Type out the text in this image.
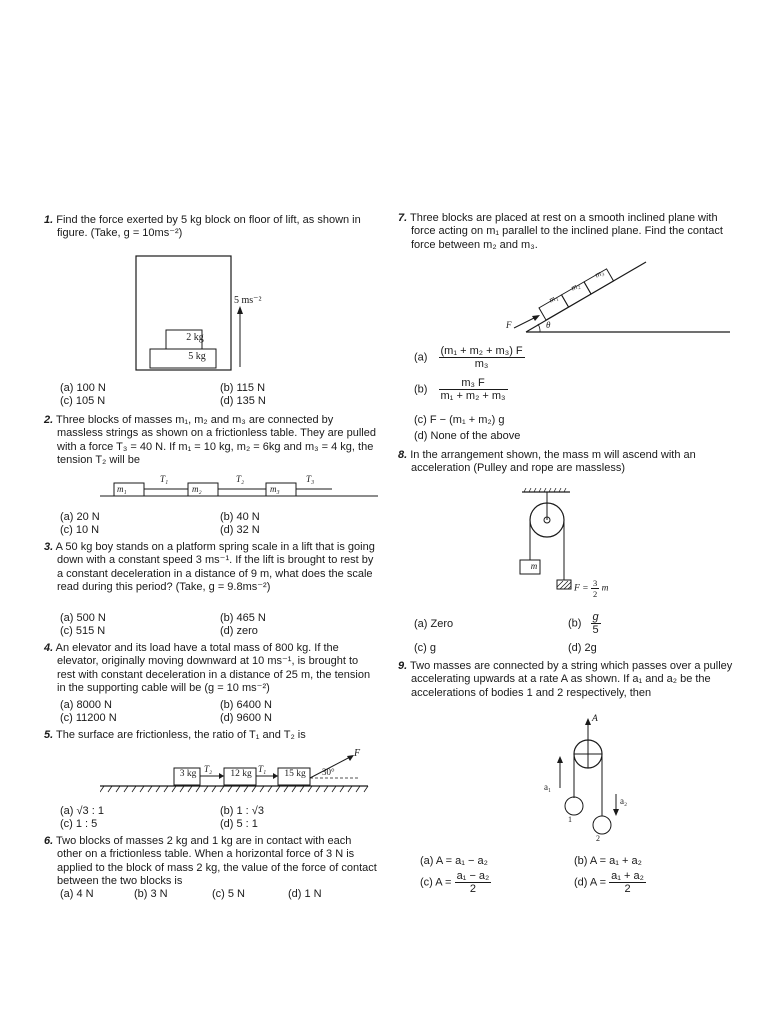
1. Find the force exerted by 5 kg block on floor of lift, as shown in figure. (Take, g = 10ms⁻²)
2 kg
5 kg
5 ms⁻²
(a) 100 N	(b) 115 N
(c) 105 N	(d) 135 N
2. Three blocks of masses m₁, m₂ and m₃ are connected by massless strings as shown on a frictionless table. They are pulled with a force T₃ = 40 N. If m₁ = 10 kg, m₂ = 6kg and m₃ = 4 kg, the tension T₂ will be
m₁	m₂	m₃
T₁	T₂	T₃
(a) 20 N	(b) 40 N
(c) 10 N	(d) 32 N
3. A 50 kg boy stands on a platform spring scale in a lift that is going down with a constant speed 3 ms⁻¹. If the lift is brought to rest by a constant deceleration in a distance of 9 m, what does the scale read during this period? (Take, g = 9.8ms⁻²)
(a) 500 N	(b) 465 N
(c) 515 N	(d) zero
4. An elevator and its load have a total mass of 800 kg. If the elevator, originally moving downward at 10 ms⁻¹, is brought to rest with constant deceleration in a distance of 25 m, the tension in the supporting cable will be (g = 10 ms⁻²)
(a) 8000 N	(b) 6400 N
(c) 11200 N	(d) 9600 N
5. The surface are frictionless, the ratio of T₁ and T₂ is
3 kg	12 kg	15 kg
T₂	T₁	30°
F
(a) √3 : 1	(b) 1 : √3
(c) 1 : 5	(d) 5 : 1
6. Two blocks of masses 2 kg and 1 kg are in contact with each other on a frictionless table. When a horizontal force of 3 N is applied to the block of mass 2 kg, the value of the force of contact between the two blocks is
(a) 4 N	(b) 3 N	(c) 5 N	(d) 1 N
7. Three blocks are placed at rest on a smooth inclined plane with force acting on m₁ parallel to the inclined plane. Find the contact force between m₂ and m₃.
m₁
m₂
m₃
F	θ
$(a) \frac{\text{(m₁ + m₂ + m₃) F}}{\text{m₃}}$
$(b) \frac{\text{m₃ F}}{\text{m₁ + m₂ + m₃}}$
(c) F − (m₁ + m₂) g
(d) None of the above
8. In the arrangement shown, the mass m will ascend with an acceleration (Pulley and rope are massless)
m
$F = \frac{3}{2}$ m
(a) Zero	$(b) \frac{g}{5}$
(c) g	(d) 2g
9. Two masses are connected by a string which passes over a pulley accelerating upwards at a rate A as shown. If a₁ and a₂ be the accelerations of bodies 1 and 2 respectively, then
A
a₁
a₂
1
2
(a) A = a₁ − a₂	(b) A = a₁ + a₂
(c) $A = \frac{\text{a₁ − a₂}}{2}$	(d) $A = \frac{\text{a₁ + a₂}}{2}$
